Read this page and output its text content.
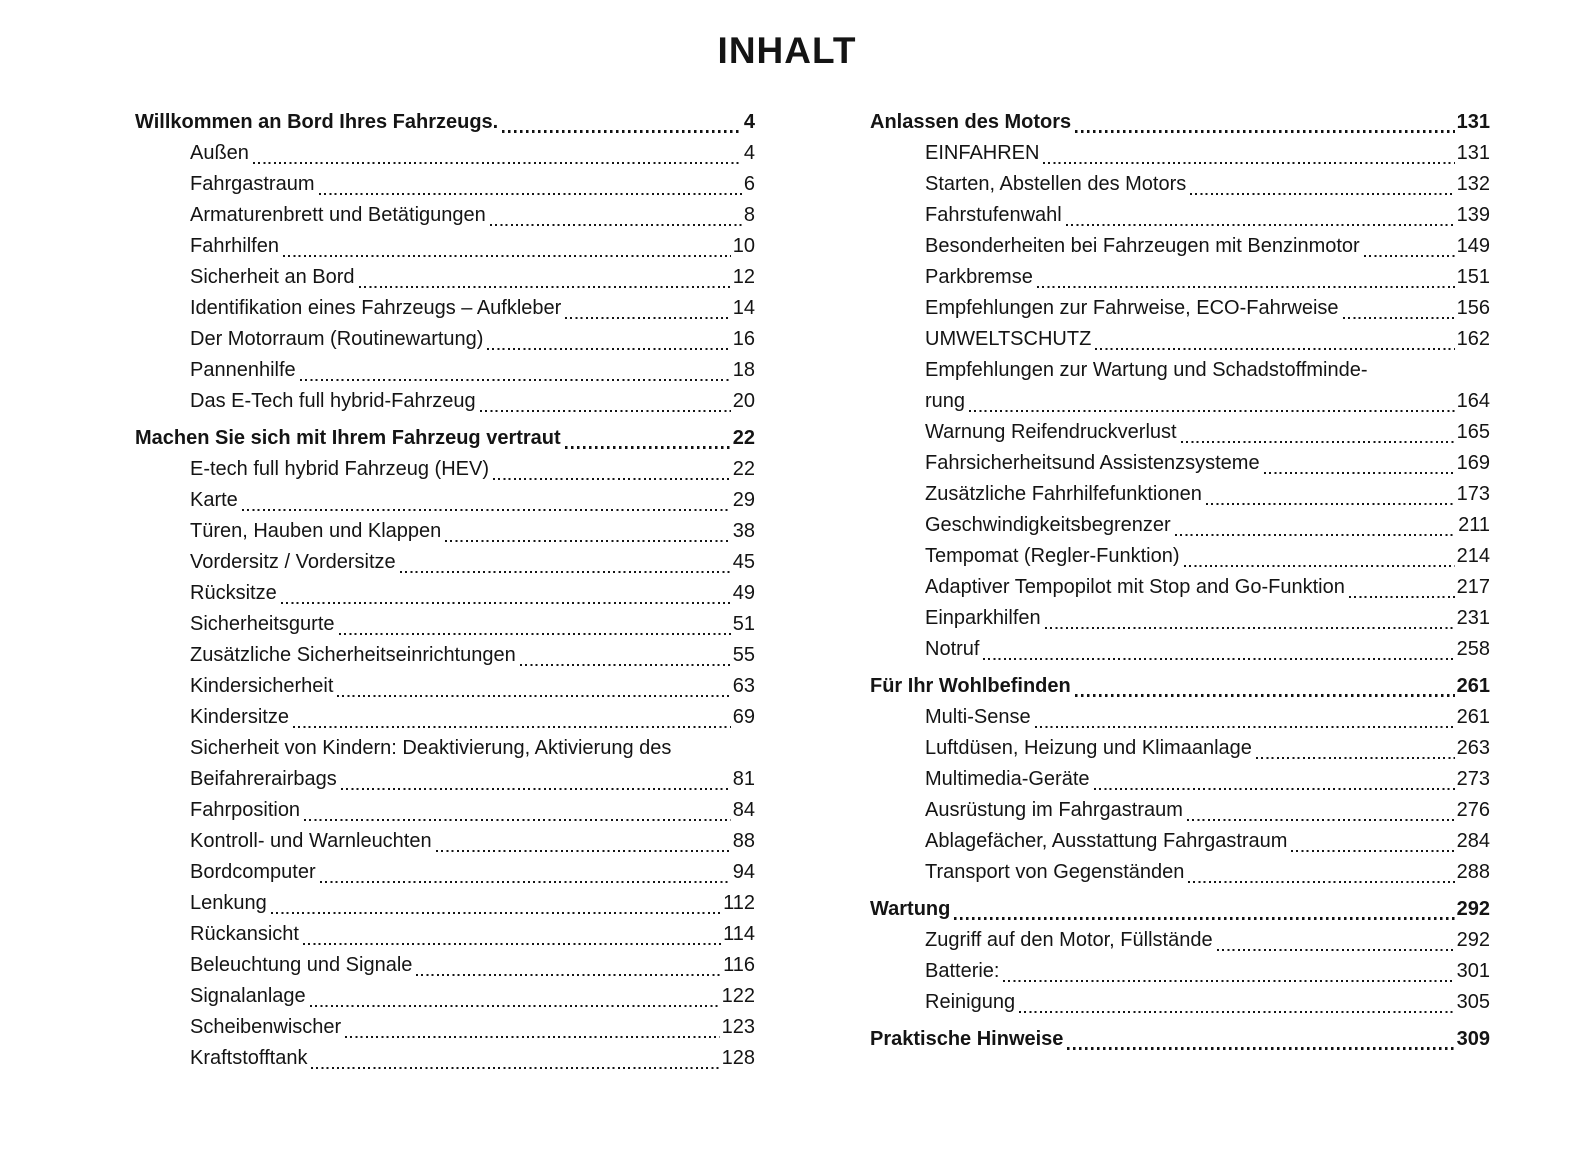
INHALT
Willkommen an Bord Ihres Fahrzeugs.	4
Außen	4
Fahrgastraum	6
Armaturenbrett und Betätigungen	8
Fahrhilfen	10
Sicherheit an Bord	12
Identifikation eines Fahrzeugs – Aufkleber	14
Der Motorraum (Routinewartung)	16
Pannenhilfe	18
Das E-Tech full hybrid-Fahrzeug	20
Machen Sie sich mit Ihrem Fahrzeug vertraut	22
E-tech full hybrid Fahrzeug (HEV)	22
Karte	29
Türen, Hauben und Klappen	38
Vordersitz / Vordersitze	45
Rücksitze	49
Sicherheitsgurte	51
Zusätzliche Sicherheitseinrichtungen	55
Kindersicherheit	63
Kindersitze	69
Sicherheit von Kindern: Deaktivierung, Aktivierung des
Beifahrerairbags	81
Fahrposition	84
Kontroll- und Warnleuchten	88
Bordcomputer	94
Lenkung	112
Rückansicht	114
Beleuchtung und Signale	116
Signalanlage	122
Scheibenwischer	123
Kraftstofftank	128
Anlassen des Motors	131
EINFAHREN	131
Starten, Abstellen des Motors	132
Fahrstufenwahl	139
Besonderheiten bei Fahrzeugen mit Benzinmotor	149
Parkbremse	151
Empfehlungen zur Fahrweise, ECO-Fahrweise	156
UMWELTSCHUTZ	162
Empfehlungen zur Wartung und Schadstoffminde-
rung	164
Warnung Reifendruckverlust	165
Fahrsicherheitsund Assistenzsysteme	169
Zusätzliche Fahrhilfefunktionen	173
Geschwindigkeitsbegrenzer	211
Tempomat (Regler-Funktion)	214
Adaptiver Tempopilot mit Stop and Go-Funktion	217
Einparkhilfen	231
Notruf	258
Für Ihr Wohlbefinden	261
Multi-Sense	261
Luftdüsen, Heizung und Klimaanlage	263
Multimedia-Geräte	273
Ausrüstung im Fahrgastraum	276
Ablagefächer, Ausstattung Fahrgastraum	284
Transport von Gegenständen	288
Wartung	292
Zugriff auf den Motor, Füllstände	292
Batterie:	301
Reinigung	305
Praktische Hinweise	309
